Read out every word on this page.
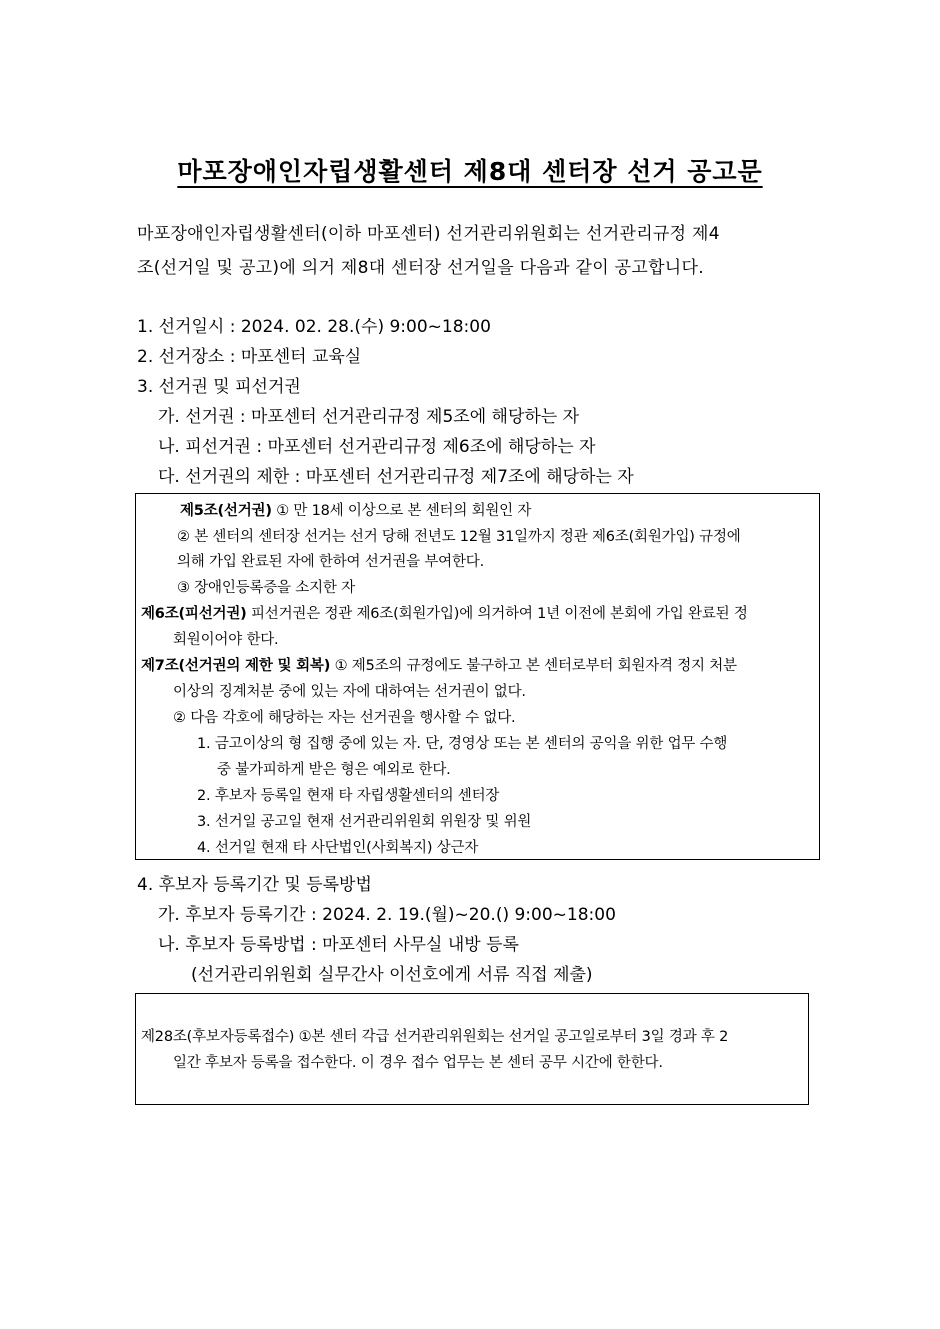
마포장애인자립생활센터 제8대 센터장 선거 공고문
마포장애인자립생활센터(이하 마포센터) 선거관리위원회는 선거관리규정 제4
조(선거일 및 공고)에 의거 제8대 센터장 선거일을 다음과 같이 공고합니다.
1. 선거일시 : 2024. 02. 28.(수) 9:00~18:00
2. 선거장소 : 마포센터 교육실
3. 선거권 및 피선거권
가. 선거권 : 마포센터 선거관리규정 제5조에 해당하는 자
나. 피선거권 : 마포센터 선거관리규정 제6조에 해당하는 자
다. 선거권의 제한 : 마포센터 선거관리규정 제7조에 해당하는 자
제5조(선거권) ① 만 18세 이상으로 본 센터의 회원인 자
② 본 센터의 센터장 선거는 선거 당해 전년도 12월 31일까지 정관 제6조(회원가입) 규정에
의해 가입 완료된 자에 한하여 선거권을 부여한다.
③ 장애인등록증을 소지한 자
제6조(피선거권) 피선거권은 정관 제6조(회원가입)에 의거하여 1년 이전에 본회에 가입 완료된 정
회원이어야 한다.
제7조(선거권의 제한 및 회복) ① 제5조의 규정에도 불구하고 본 센터로부터 회원자격 정지 처분
이상의 징계처분 중에 있는 자에 대하여는 선거권이 없다.
② 다음 각호에 해당하는 자는 선거권을 행사할 수 없다.
1. 금고이상의 형 집행 중에 있는 자. 단, 경영상 또는 본 센터의 공익을 위한 업무 수행
중 불가피하게 받은 형은 예외로 한다.
2. 후보자 등록일 현재 타 자립생활센터의 센터장
3. 선거일 공고일 현재 선거관리위원회 위원장 및 위원
4. 선거일 현재 타 사단법인(사회복지) 상근자
4. 후보자 등록기간 및 등록방법
가. 후보자 등록기간 : 2024. 2. 19.(월)~20.() 9:00~18:00
나. 후보자 등록방법 : 마포센터 사무실 내방 등록
(선거관리위원회 실무간사 이선호에게 서류 직접 제출)
제28조(후보자등록접수) ①본 센터 각급 선거관리위원회는 선거일 공고일로부터 3일 경과 후 2
일간 후보자 등록을 접수한다. 이 경우 접수 업무는 본 센터 공무 시간에 한한다.
